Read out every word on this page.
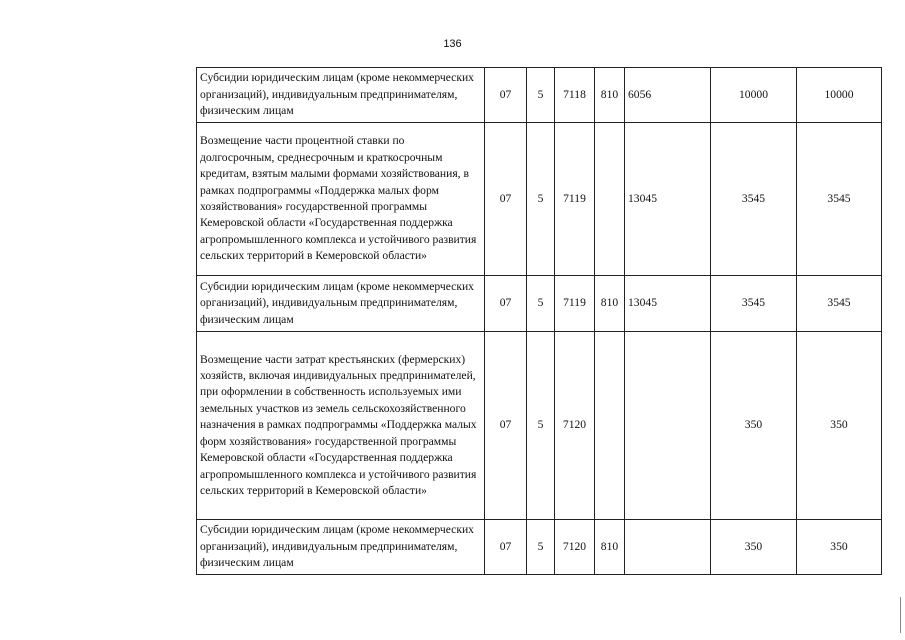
136
Субсидии юридическим лицам (кроме некоммерческих организаций), индивидуальным предпринимателям, физическим лицам	07	5	7118	810	6056	10000	10000
Возмещение части процентной ставки по долгосрочным, среднесрочным и краткосрочным кредитам, взятым малыми формами хозяйствования, в рамках подпрограммы «Поддержка малых форм хозяйствования» государственной программы Кемеровской области «Государственная поддержка агропромышленного комплекса и устойчивого развития сельских территорий в Кемеровской области»	07	5	7119		13045	3545	3545
Субсидии юридическим лицам (кроме некоммерческих организаций), индивидуальным предпринимателям, физическим лицам	07	5	7119	810	13045	3545	3545
Возмещение части затрат крестьянских (фермерских) хозяйств, включая индивидуальных предпринимателей, при оформлении в собственность используемых ими земельных участков из земель сельскохозяйственного назначения в рамках подпрограммы «Поддержка малых форм хозяйствования» государственной программы Кемеровской области «Государственная поддержка агропромышленного комплекса и устойчивого развития сельских территорий в Кемеровской области»	07	5	7120			350	350
Субсидии юридическим лицам (кроме некоммерческих организаций), индивидуальным предпринимателям, физическим лицам	07	5	7120	810		350	350
